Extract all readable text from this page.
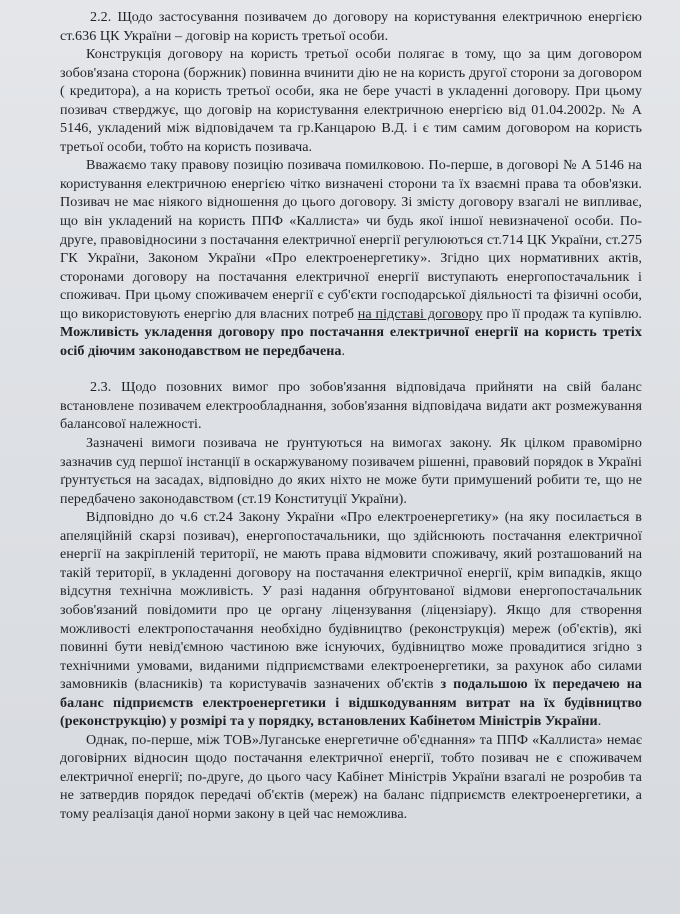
2.2. Щодо застосування позивачем до договору на користування електричною енергією ст.636 ЦК України – договір на користь третьої особи.

Конструкція договору на користь третьої особи полягає в тому, що за цим договором зобов'язана сторона (боржник) повинна вчинити дію не на користь другої сторони за договором ( кредитора), а на користь третьої особи, яка не бере участі в укладенні договору. При цьому позивач стверджує, що договір на користування електричною енергією від 01.04.2002р. № А 5146, укладений між відповідачем та гр.Канцарою В.Д. і є тим самим договором на користь третьої особи, тобто на користь позивача.

Вважаємо таку правову позицію позивача помилковою. По-перше, в договорі № А 5146 на користування електричною енергією чітко визначені сторони та їх взаємні права та обов'язки. Позивач не має ніякого відношення до цього договору. Зі змісту договору взагалі не випливає, що він укладений на користь ППФ «Каллиста» чи будь якої іншої невизначеної особи. По-друге, правовідносини з постачання електричної енергії регулюються ст.714 ЦК України, ст.275 ГК України, Законом України «Про електроенергетику». Згідно цих нормативних актів, сторонами договору на постачання електричної енергії виступають енергопостачальник і споживач. При цьому споживачем енергії є суб'єкти господарської діяльності та фізичні особи, що використовують енергію для власних потреб на підставі договору про її продаж та купівлю. Можливість укладення договору про постачання електричної енергії на користь третіх осіб діючим законодавством не передбачена.

2.3. Щодо позовних вимог про зобов'язання відповідача прийняти на свій баланс встановлене позивачем електрообладнання, зобов'язання відповідача видати акт розмежування балансової належності.

Зазначені вимоги позивача не ґрунтуються на вимогах закону. Як цілком правомірно зазначив суд першої інстанції в оскаржуваному позивачем рішенні, правовий порядок в Україні ґрунтується на засадах, відповідно до яких ніхто не може бути примушений робити те, що не передбачено законодавством (ст.19 Конституції України).

Відповідно до ч.6 ст.24 Закону України «Про електроенергетику» (на яку посилається в апеляційній скарзі позивач), енергопостачальники, що здійснюють постачання електричної енергії на закріпленій території, не мають права відмовити споживачу, який розташований на такій території, в укладенні договору на постачання електричної енергії, крім випадків, якщо відсутня технічна можливість. У разі надання обґрунтованої відмови енергопостачальник зобов'язаний повідомити про це органу ліцензування (ліцензіару). Якщо для створення можливості електропостачання необхідно будівництво (реконструкція) мереж (об'єктів), які повинні бути невід'ємною частиною вже існуючих, будівництво може провадитися згідно з технічними умовами, виданими підприємствами електроенергетики, за рахунок або силами замовників (власників) та користувачів зазначених об'єктів з подальшою їх передачею на баланс підприємств електроенергетики і відшкодуванням витрат на їх будівництво (реконструкцію) у розмірі та у порядку, встановлених Кабінетом Міністрів України.

Однак, по-перше, між ТОВ»Луганське енергетичне об'єднання» та ППФ «Каллиста» немає договірних відносин щодо постачання електричної енергії, тобто позивач не є споживачем електричної енергії; по-друге, до цього часу Кабінет Міністрів України взагалі не розробив та не затвердив порядок передачі об'єктів (мереж) на баланс підприємств електроенергетики, а тому реалізація даної норми закону в цей час неможлива.
